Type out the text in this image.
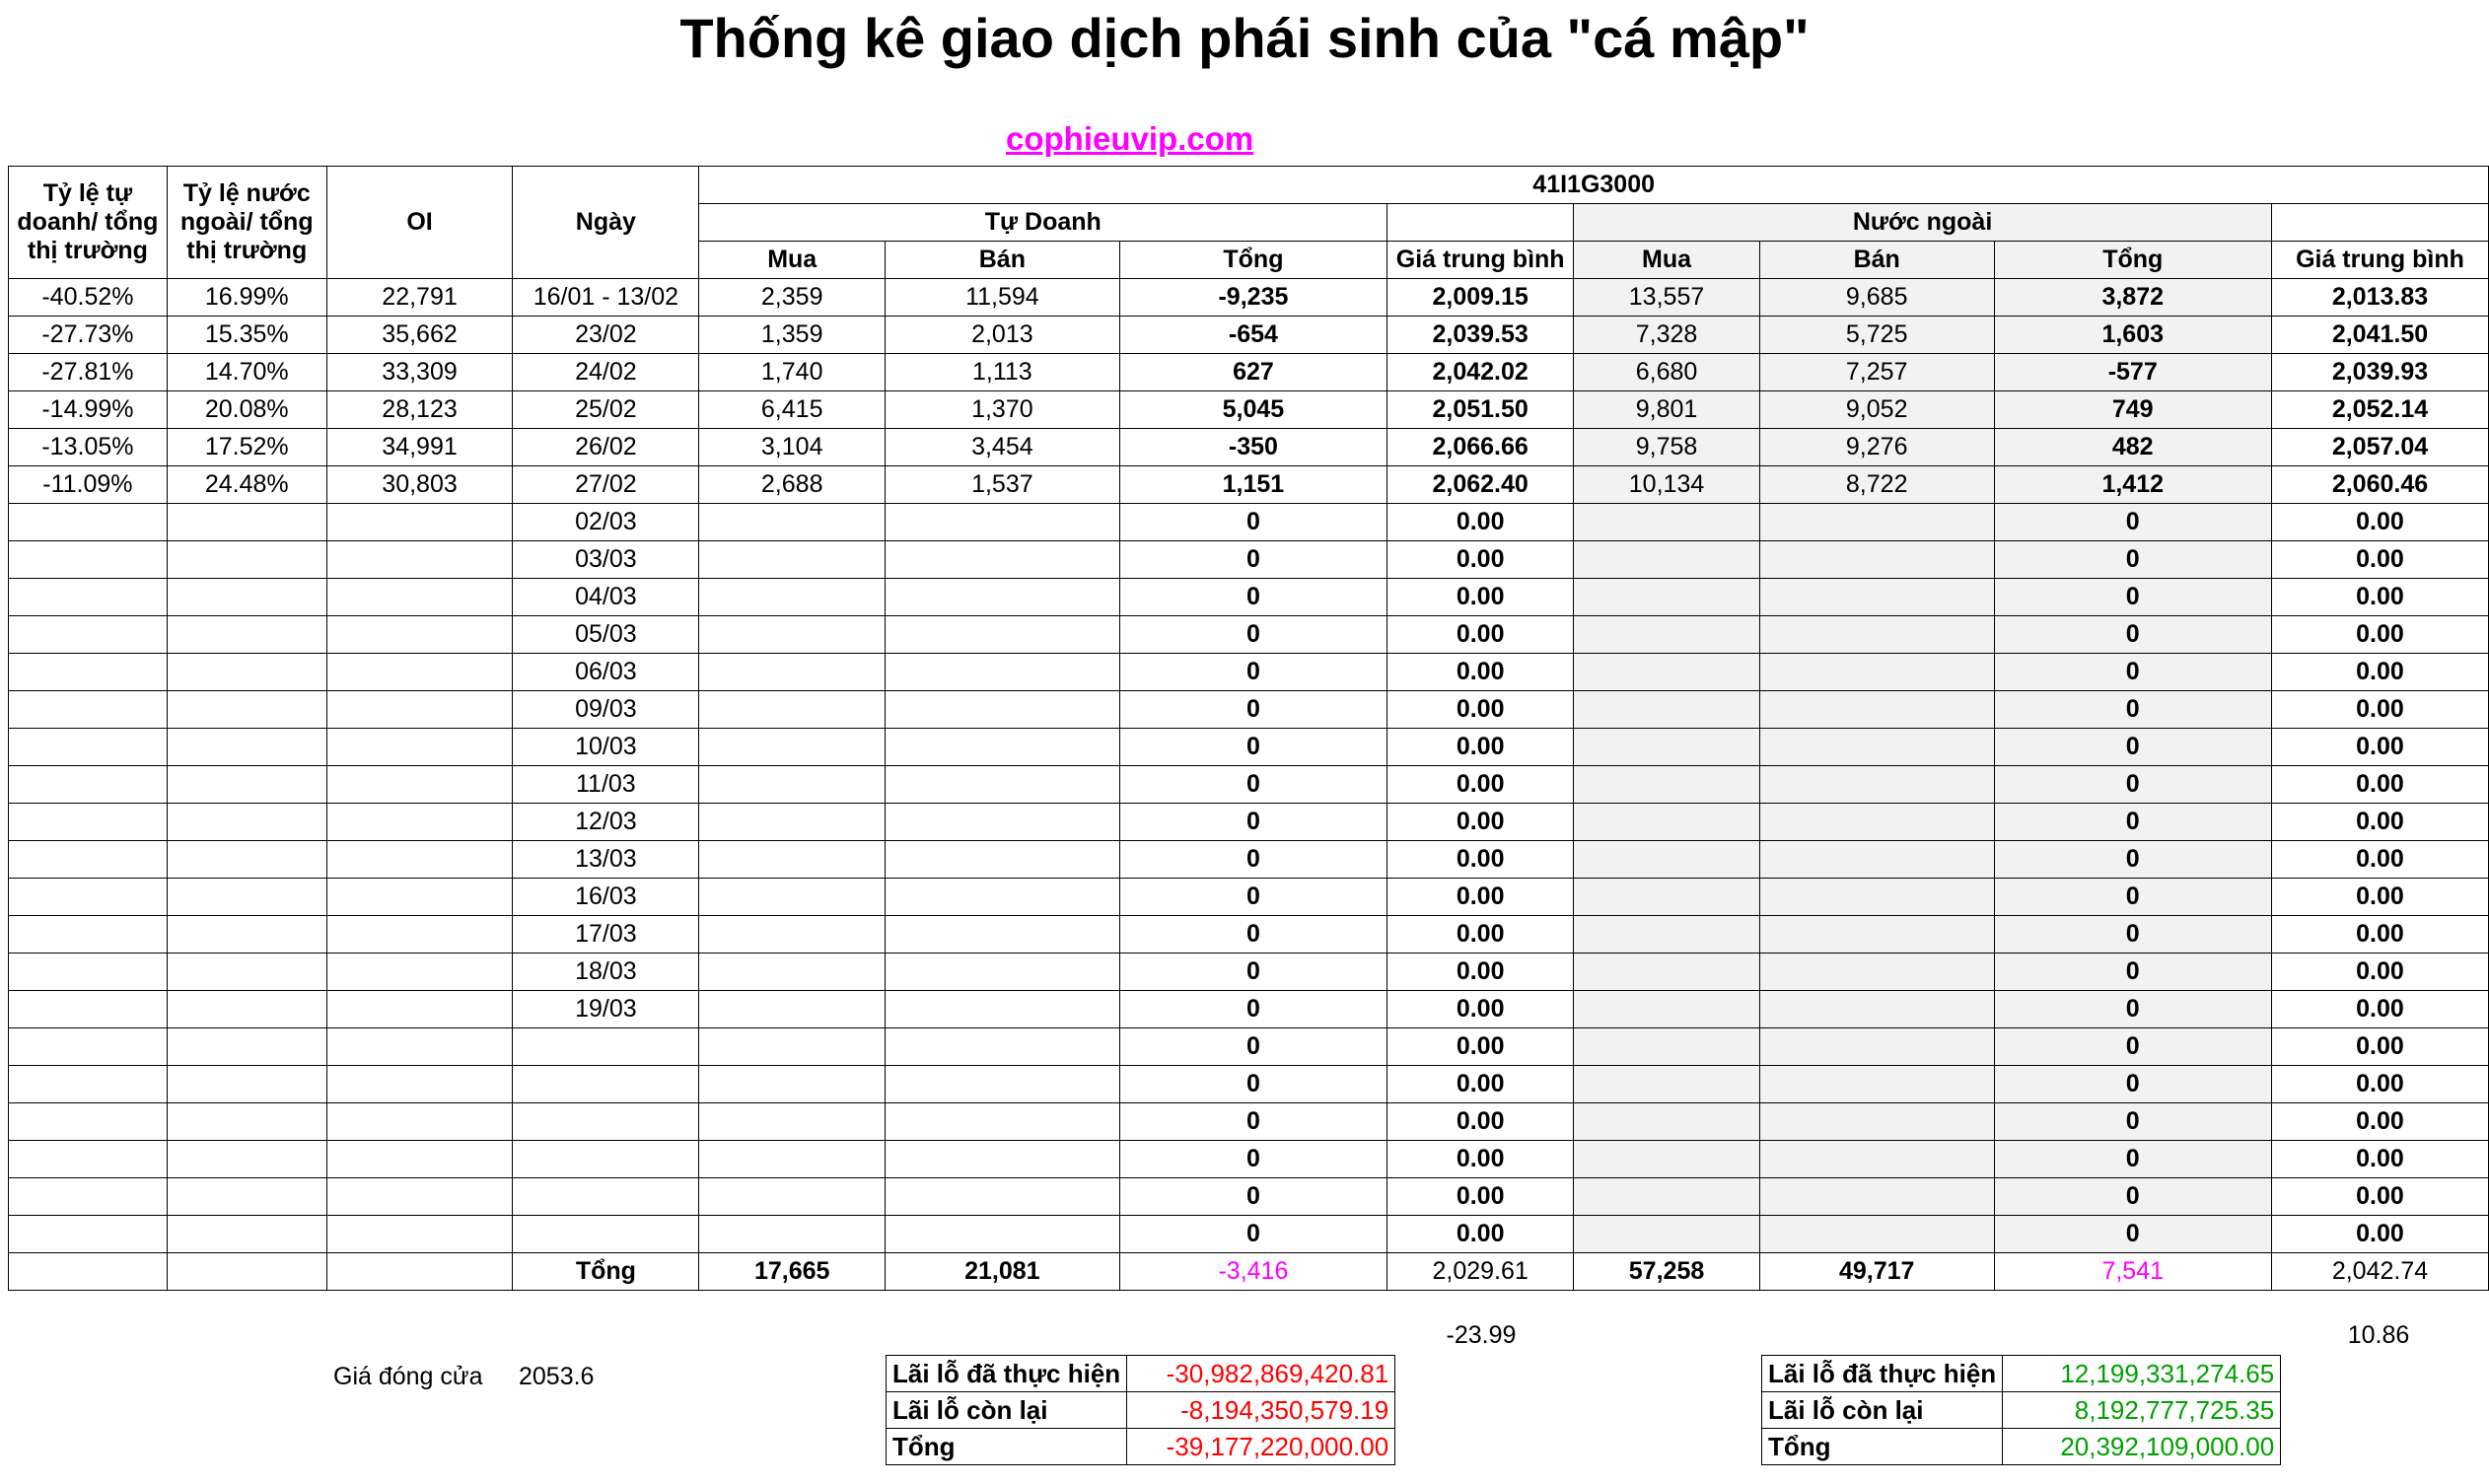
Thống kê giao dịch phái sinh của "cá mập"
cophieuvip.com
Tỷ lệ tự doanh/ tổng thị trường	Tỷ lệ nước ngoài/ tổng thị trường	OI	Ngày	41I1G3000							
				Tự Doanh				Nước ngoài			
				Mua	Bán	Tổng	Giá trung bình	Mua	Bán	Tổng	Giá trung bình
-40.52%	16.99%	22,791	16/01 - 13/02	2,359	11,594	-9,235	2,009.15	13,557	9,685	3,872	2,013.83
-27.73%	15.35%	35,662	23/02	1,359	2,013	-654	2,039.53	7,328	5,725	1,603	2,041.50
-27.81%	14.70%	33,309	24/02	1,740	1,113	627	2,042.02	6,680	7,257	-577	2,039.93
-14.99%	20.08%	28,123	25/02	6,415	1,370	5,045	2,051.50	9,801	9,052	749	2,052.14
-13.05%	17.52%	34,991	26/02	3,104	3,454	-350	2,066.66	9,758	9,276	482	2,057.04
-11.09%	24.48%	30,803	27/02	2,688	1,537	1,151	2,062.40	10,134	8,722	1,412	2,060.46
			02/03			0	0.00			0	0.00
			03/03			0	0.00			0	0.00
			04/03			0	0.00			0	0.00
			05/03			0	0.00			0	0.00
			06/03			0	0.00			0	0.00
			09/03			0	0.00			0	0.00
			10/03			0	0.00			0	0.00
			11/03			0	0.00			0	0.00
			12/03			0	0.00			0	0.00
			13/03			0	0.00			0	0.00
			16/03			0	0.00			0	0.00
			17/03			0	0.00			0	0.00
			18/03			0	0.00			0	0.00
			19/03			0	0.00			0	0.00
						0	0.00			0	0.00
						0	0.00			0	0.00
						0	0.00			0	0.00
						0	0.00			0	0.00
						0	0.00			0	0.00
						0	0.00			0	0.00
			Tổng	17,665	21,081	-3,416	2,029.61	57,258	49,717	7,541	2,042.74
-23.99	10.86
Giá đóng cửa 2053.6	Lãi lỗ đã thực hiện	-30,982,869,420.81
Lãi lỗ còn lại	-8,194,350,579.19
Tổng	-39,177,220,000.00
Lãi lỗ đã thực hiện	12,199,331,274.65
Lãi lỗ còn lại	8,192,777,725.35
Tổng	20,392,109,000.00
